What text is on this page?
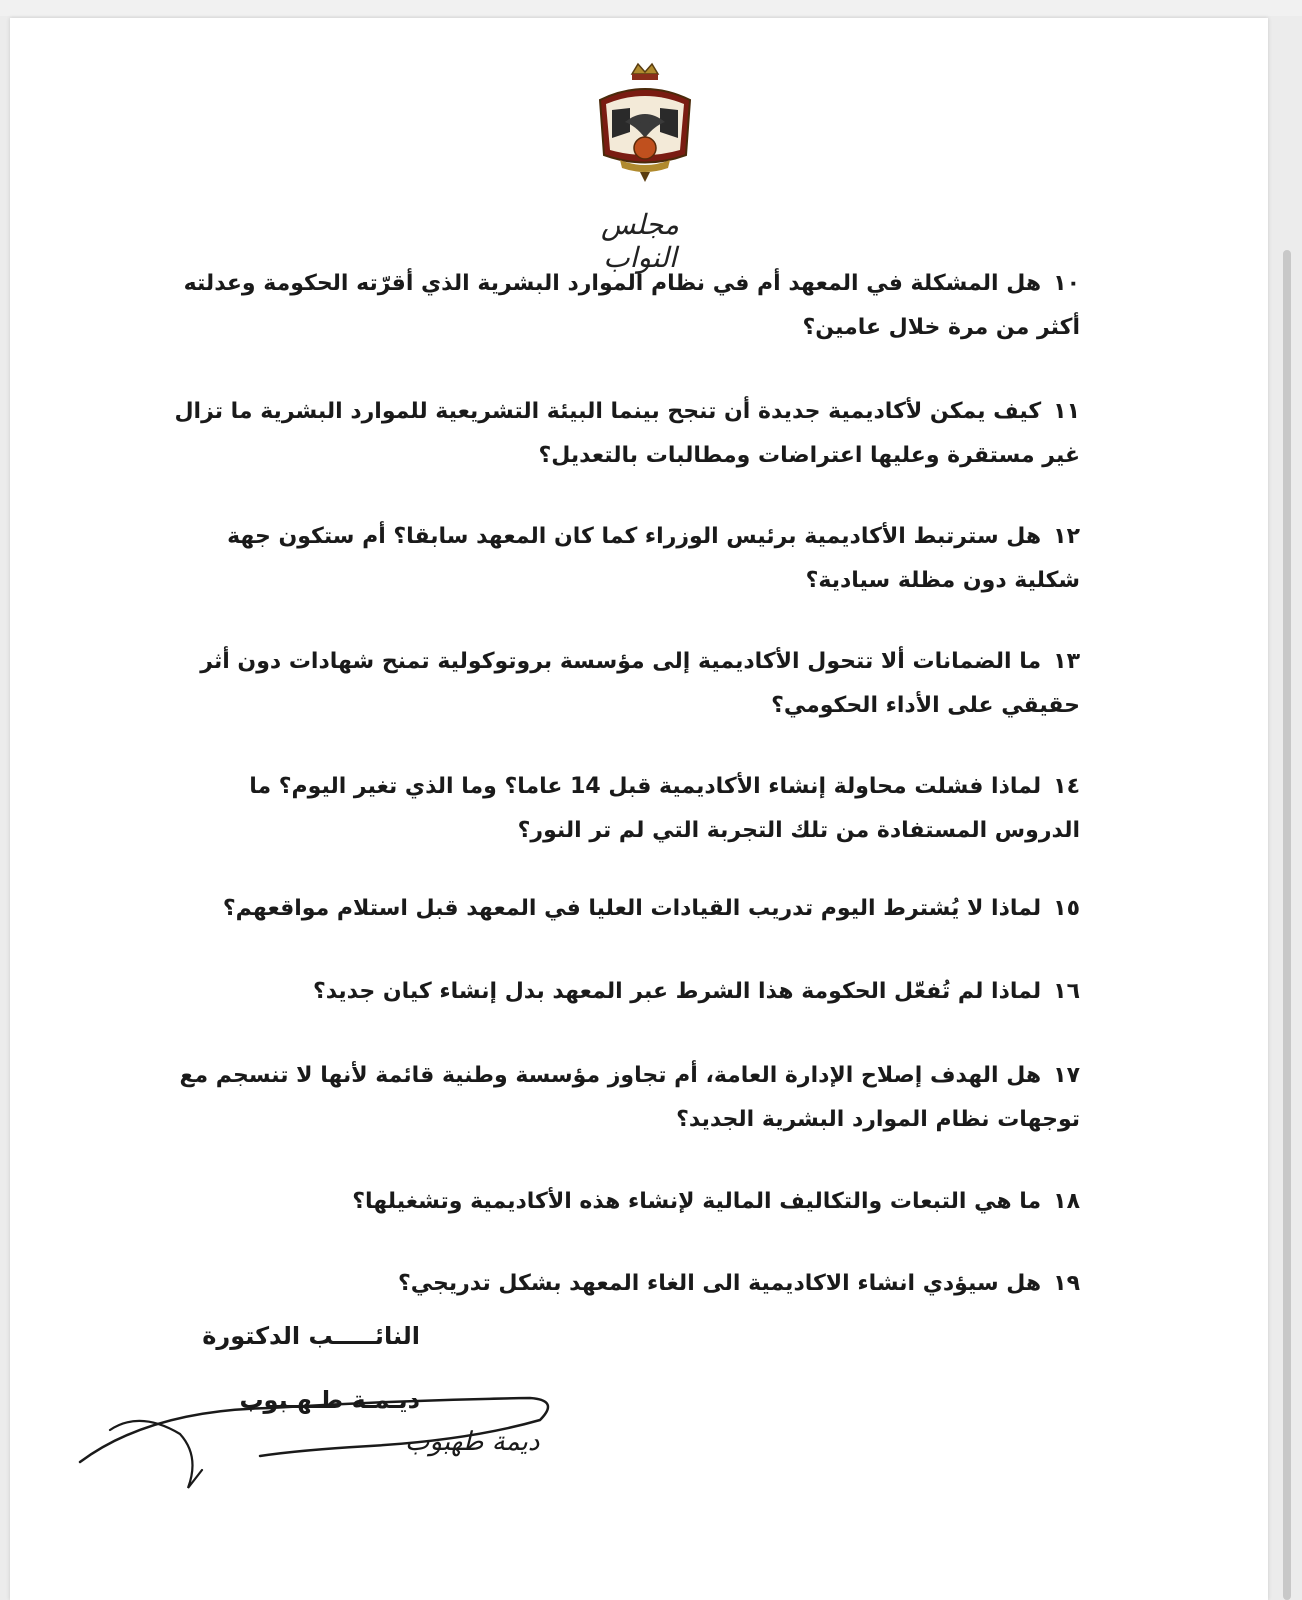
مجلس النواب
١٠هل المشكلة في المعهد أم في نظام الموارد البشرية الذي أقرّته الحكومة وعدلته أكثر من مرة خلال عامين؟
١١كيف يمكن لأكاديمية جديدة أن تنجح بينما البيئة التشريعية للموارد البشرية ما تزال غير مستقرة وعليها اعتراضات ومطالبات بالتعديل؟
١٢هل سترتبط الأكاديمية برئيس الوزراء كما كان المعهد سابقا؟ أم ستكون جهة شكلية دون مظلة سيادية؟
١٣ما الضمانات ألا تتحول الأكاديمية إلى مؤسسة بروتوكولية تمنح شهادات دون أثر حقيقي على الأداء الحكومي؟
١٤لماذا فشلت محاولة إنشاء الأكاديمية قبل 14 عاما؟ وما الذي تغير اليوم؟ ما الدروس المستفادة من تلك التجربة التي لم تر النور؟
١٥لماذا لا يُشترط اليوم تدريب القيادات العليا في المعهد قبل استلام مواقعهم؟
١٦لماذا لم تُفعّل الحكومة هذا الشرط عبر المعهد بدل إنشاء كيان جديد؟
١٧هل الهدف إصلاح الإدارة العامة، أم تجاوز مؤسسة وطنية قائمة لأنها لا تنسجم مع توجهات نظام الموارد البشرية الجديد؟
١٨ما هي التبعات والتكاليف المالية لإنشاء هذه الأكاديمية وتشغيلها؟
١٩هل سيؤدي انشاء الاكاديمية الى الغاء المعهد بشكل تدريجي؟
النائـــــب الدكتورة
ديـمـة طـهـبوب
ديمة طهبوب
